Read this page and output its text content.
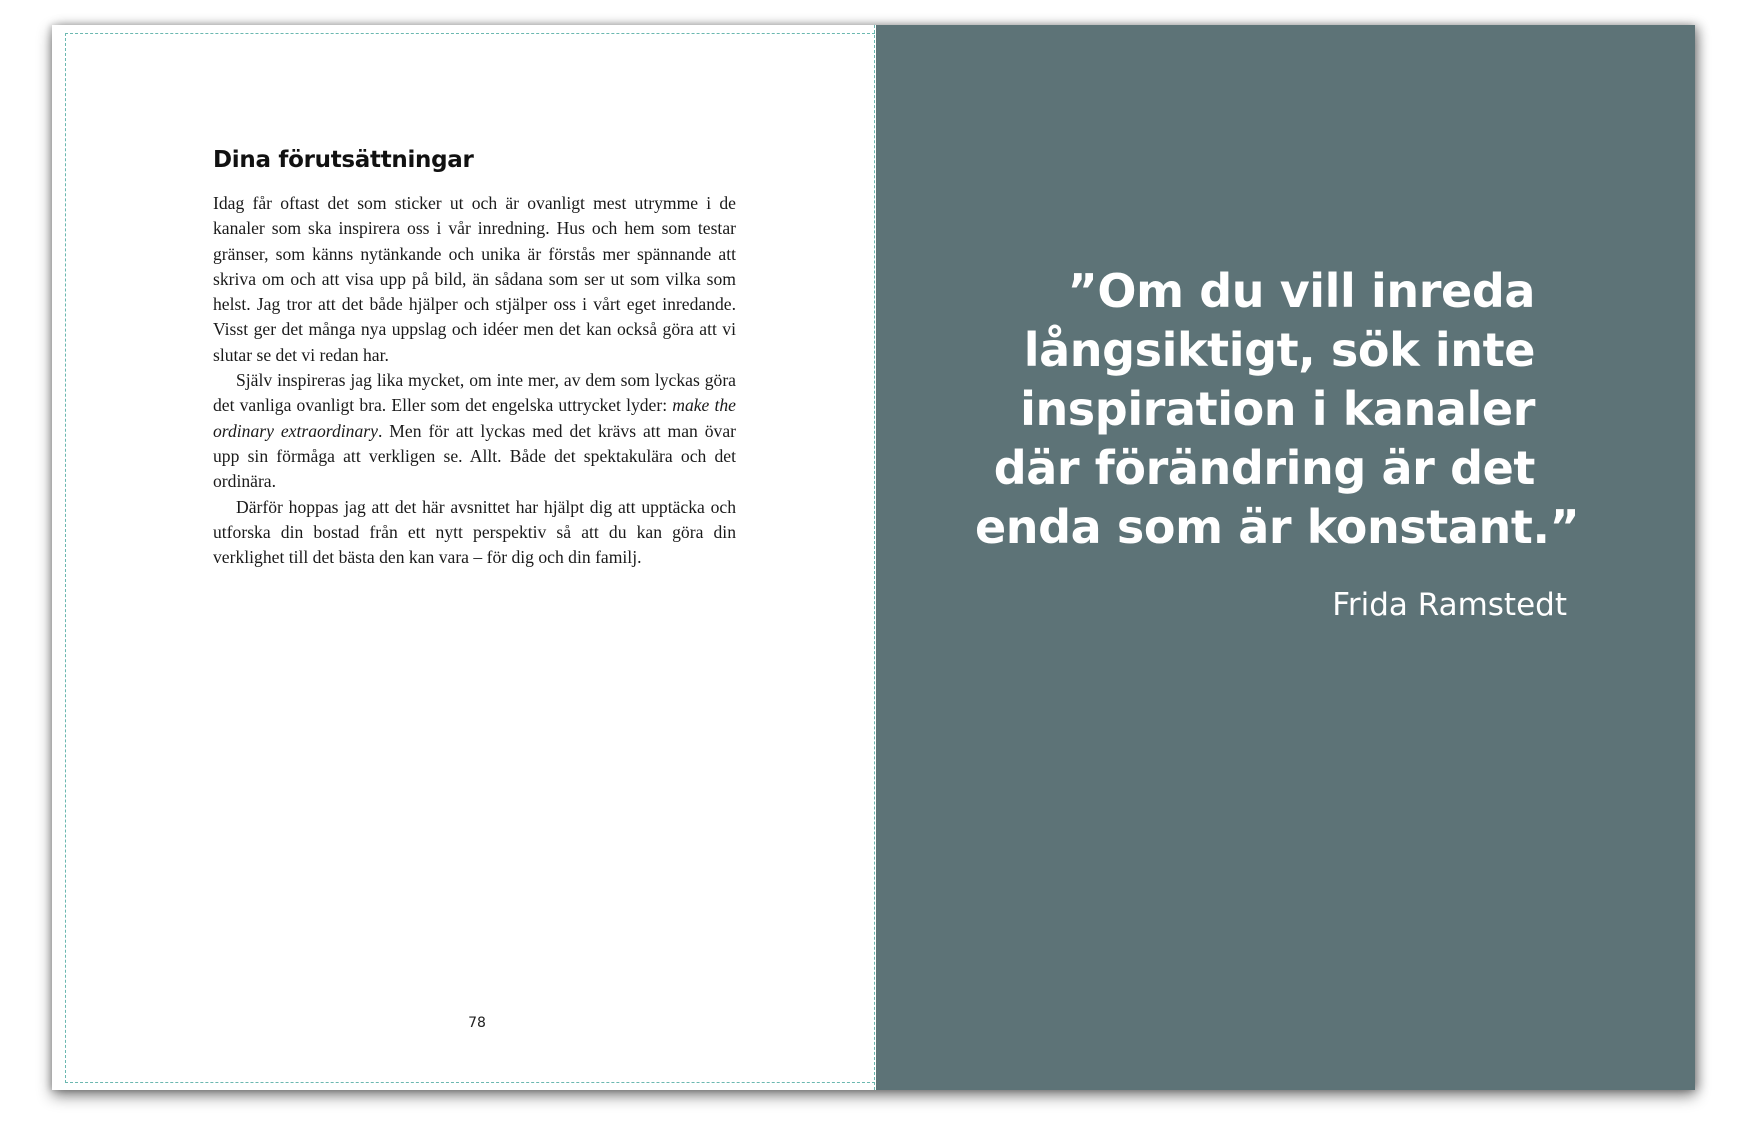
Dina förutsättningar

Idag får oftast det som sticker ut och är ovanligt mest utrymme i de kanaler som ska inspirera oss i vår inredning. Hus och hem som testar gränser, som känns nytänkande och unika är förstås mer spännande att skriva om och att visa upp på bild, än sådana som ser ut som vilka som helst. Jag tror att det både hjälper och stjälper oss i vårt eget inredande. Visst ger det många nya uppslag och idéer men det kan också göra att vi slutar se det vi redan har.

Själv inspireras jag lika mycket, om inte mer, av dem som lyckas göra det vanliga ovanligt bra. Eller som det engelska uttrycket lyder: make the ordinary extraordinary. Men för att lyckas med det krävs att man övar upp sin förmåga att verkligen se. Allt. Både det spektakulära och det ordinära.

Därför hoppas jag att det här avsnittet har hjälpt dig att upptäcka och utforska din bostad från ett nytt perspektiv så att du kan göra din verklighet till det bästa den kan vara – för dig och din familj.

78
”Om du vill inreda
långsiktigt, sök inte
inspiration i kanaler
där förändring är det
enda som är konstant.”
Frida Ramstedt
